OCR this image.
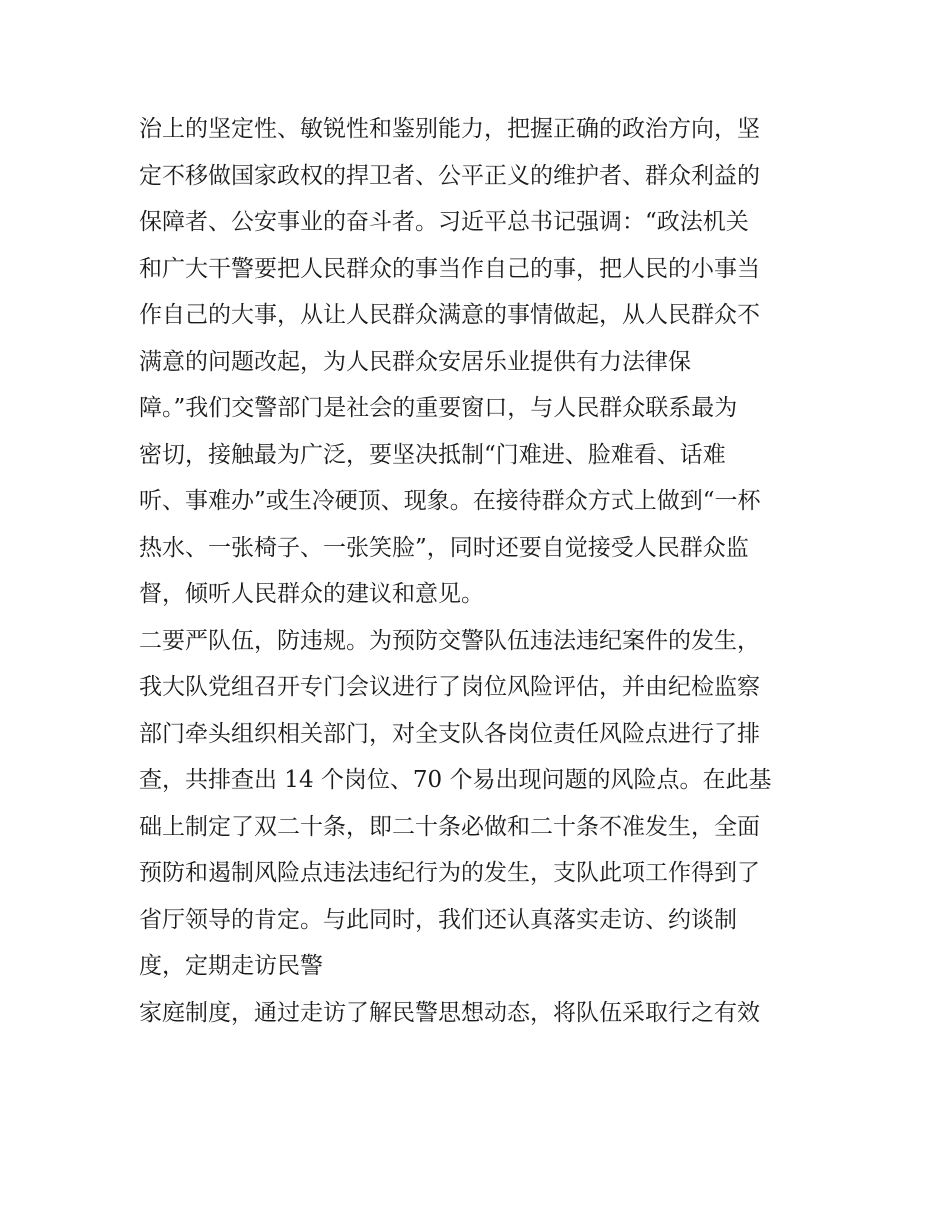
治上的坚定性、敏锐性和鉴别能力，把握正确的政治方向，坚
定不移做国家政权的捍卫者、公平正义的维护者、群众利益的
保障者、公安事业的奋斗者。习近平总书记强调：“政法机关
和广大干警要把人民群众的事当作自己的事，把人民的小事当
作自己的大事，从让人民群众满意的事情做起，从人民群众不
满意的问题改起，为人民群众安居乐业提供有力法律保
障。”我们交警部门是社会的重要窗口，与人民群众联系最为
密切，接触最为广泛，要坚决抵制“门难进、脸难看、话难
听、事难办”或生冷硬顶、现象。在接待群众方式上做到“一杯
热水、一张椅子、一张笑脸”，同时还要自觉接受人民群众监
督，倾听人民群众的建议和意见。
二要严队伍，防违规。为预防交警队伍违法违纪案件的发生，
我大队党组召开专门会议进行了岗位风险评估，并由纪检监察
部门牵头组织相关部门，对全支队各岗位责任风险点进行了排
查，共排查出 14 个岗位、70 个易出现问题的风险点。在此基
础上制定了双二十条，即二十条必做和二十条不准发生，全面
预防和遏制风险点违法违纪行为的发生，支队此项工作得到了
省厅领导的肯定。与此同时，我们还认真落实走访、约谈制
度，定期走访民警
家庭制度，通过走访了解民警思想动态，将队伍采取行之有效
